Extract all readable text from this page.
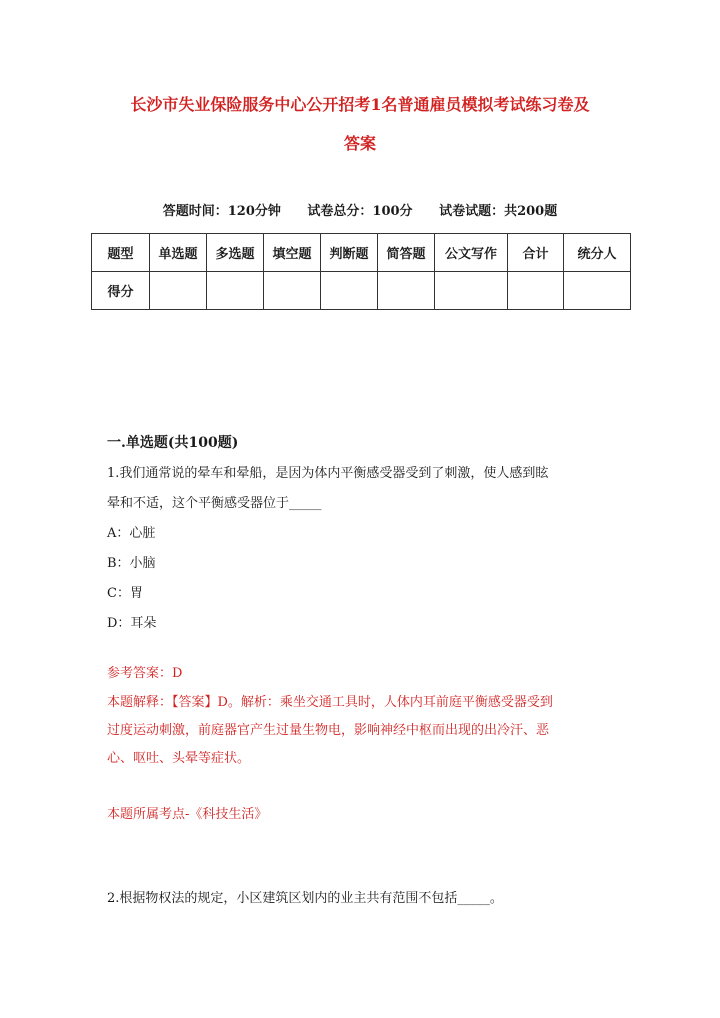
长沙市失业保险服务中心公开招考1名普通雇员模拟考试练习卷及
答案
答题时间：120分钟 试卷总分：100分 试卷试题：共200题
题型	单选题	多选题	填空题	判断题	简答题	公文写作	合计	统分人
得分								
一.单选题(共100题)
1.我们通常说的晕车和晕船，是因为体内平衡感受器受到了刺激，使人感到眩
晕和不适，这个平衡感受器位于_____
A：心脏
B：小脑
C：胃
D：耳朵
参考答案：D
本题解释：【答案】D。解析：乘坐交通工具时，人体内耳前庭平衡感受器受到
过度运动刺激，前庭器官产生过量生物电，影响神经中枢而出现的出冷汗、恶
心、呕吐、头晕等症状。
本题所属考点-《科技生活》
2.根据物权法的规定，小区建筑区划内的业主共有范围不包括_____。
